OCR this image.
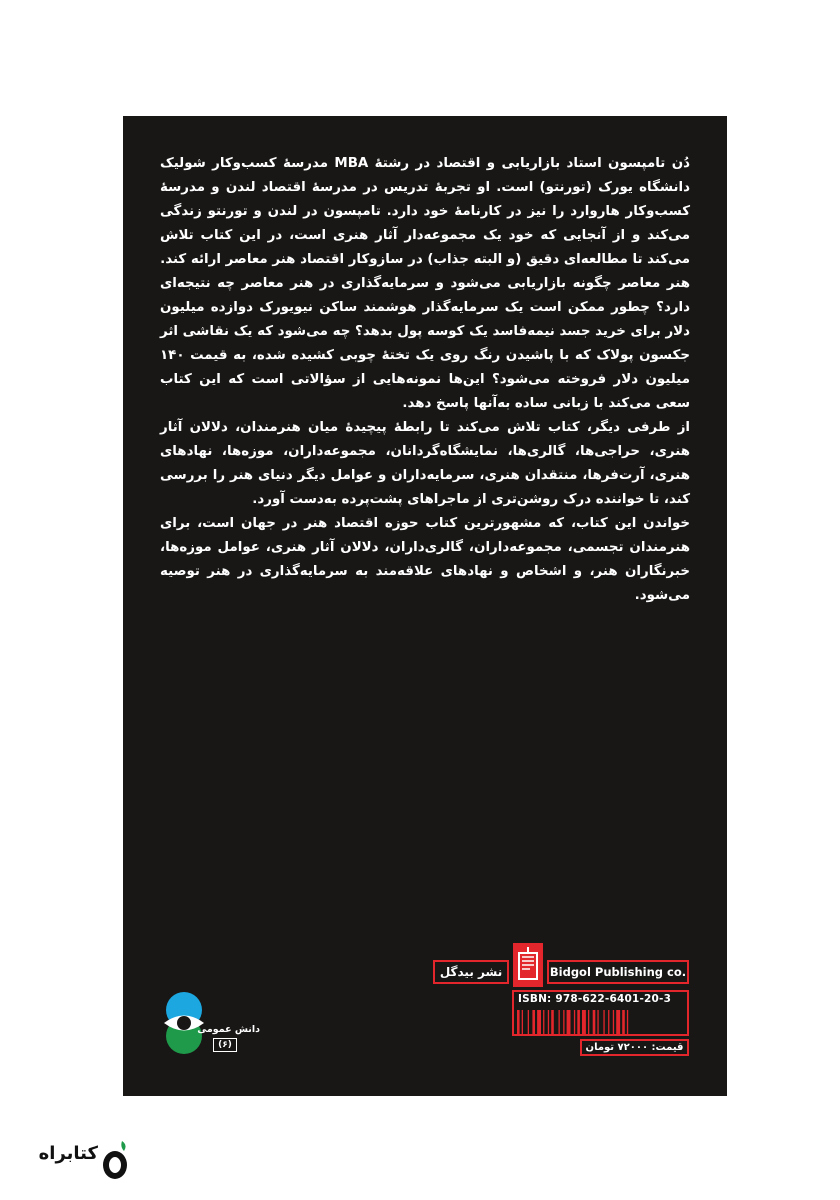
دُن تامپسون استاد بازاریابی و اقتصاد در رشتهٔ MBA مدرسهٔ کسب‌وکار شولیک دانشگاه یورک (تورنتو) است. او تجربهٔ تدریس در مدرسهٔ اقتصاد لندن و مدرسهٔ کسب‌وکار هاروارد را نیز در کارنامهٔ خود دارد. تامپسون در لندن و تورنتو زندگی می‌کند و از آنجایی که خود یک مجموعه‌دار آثار هنری است، در این کتاب تلاش می‌کند تا مطالعه‌ای دقیق (و البته جذاب) در سازوکار اقتصاد هنر معاصر ارائه کند.

هنر معاصر چگونه بازاریابی می‌شود و سرمایه‌گذاری در هنر معاصر چه نتیجه‌ای دارد؟ چطور ممکن است یک سرمایه‌گذار هوشمند ساکن نیویورک دوازده میلیون دلار برای خرید جسد نیمه‌فاسد یک کوسه پول بدهد؟ چه می‌شود که یک نقاشی اثر جکسون پولاک که با پاشیدن رنگ روی یک تختهٔ چوبی کشیده شده، به قیمت ۱۴۰ میلیون دلار فروخته می‌شود؟ این‌ها نمونه‌هایی از سؤالاتی است که این کتاب سعی می‌کند با زبانی ساده به‌آنها پاسخ دهد.

از طرفی دیگر، کتاب تلاش می‌کند تا رابطهٔ پیچیدهٔ میان هنرمندان، دلالان آثار هنری، حراجی‌ها، گالری‌ها، نمایشگاه‌گردانان، مجموعه‌داران، موزه‌ها، نهادهای هنری، آرت‌فرها، منتقدان هنری، سرمایه‌داران و عوامل دیگر دنیای هنر را بررسی کند، تا خواننده درک روشن‌تری از ماجراهای پشت‌پرده به‌دست آورد.

خواندن این کتاب، که مشهورترین کتاب حوزه اقتصاد هنر در جهان است، برای هنرمندان تجسمی، مجموعه‌داران، گالری‌داران، دلالان آثار هنری، عوامل موزه‌ها، خبرنگاران هنر، و اشخاص و نهادهای علاقه‌مند به سرمایه‌گذاری در هنر توصیه می‌شود.

نشر بیدگل	Bidgol Publishing co.
ISBN: 978-622-6401-20-3
قیمت: ۷۲۰۰۰ تومان
دانش عمومی
(۶)
کتابراه
